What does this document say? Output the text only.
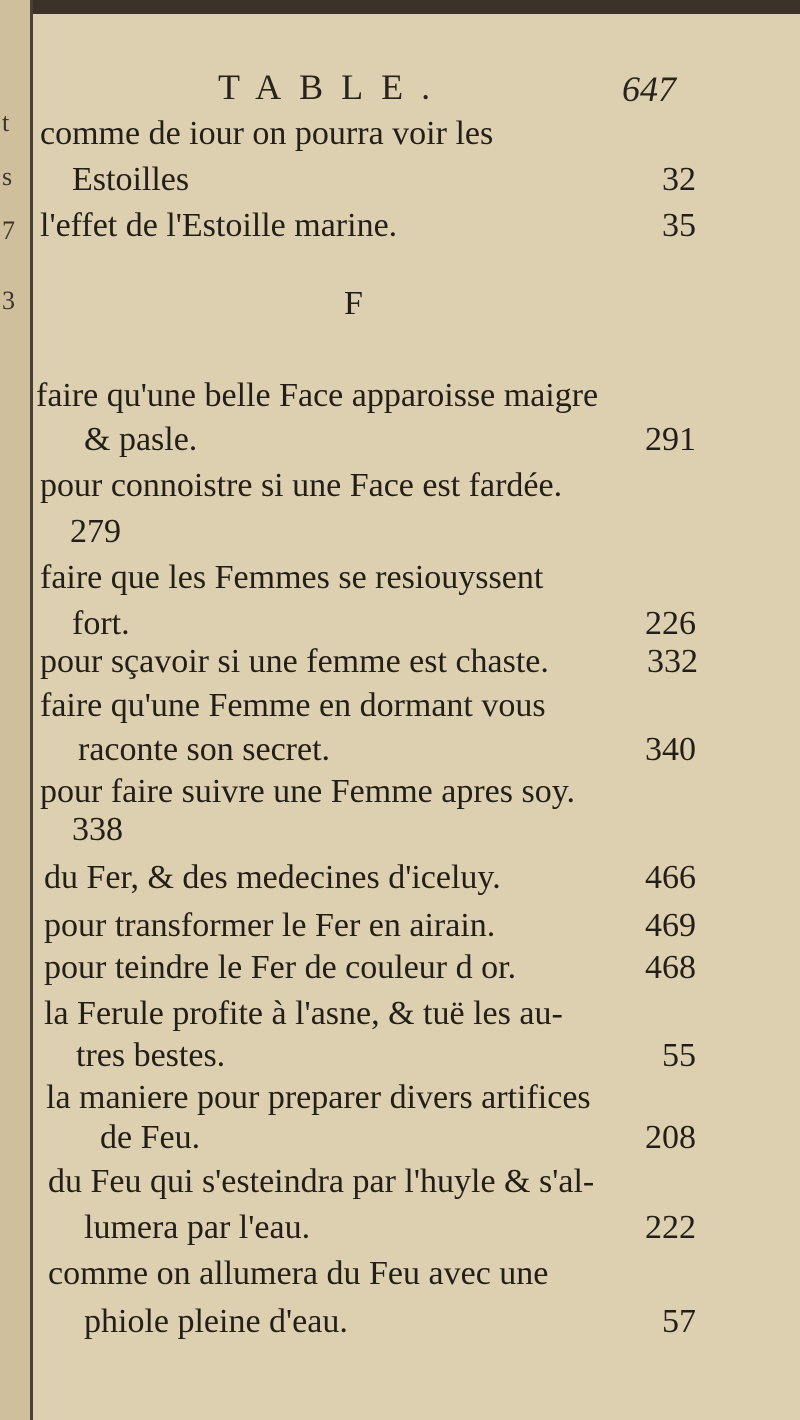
t
s
7
3
TABLE.	647
comme de iour on pourra voir les
Estoilles	32
l'effet de l'Estoille marine.	35
F
faire qu'une belle Face apparoisse maigre
& pasle.	291
pour connoistre si une Face est fardée.
279
faire que les Femmes se resiouyssent
fort.	226
pour sçavoir si une femme est chaste.	332
faire qu'une Femme en dormant vous
raconte son secret.	340
pour faire suivre une Femme apres soy.
338
du Fer, & des medecines d'iceluy.	466
pour transformer le Fer en airain.	469
pour teindre le Fer de couleur d or.	468
la Ferule profite à l'asne, & tuë les au-
tres bestes.	55
la maniere pour preparer divers artifices
de Feu.	208
du Feu qui s'esteindra par l'huyle & s'al-
lumera par l'eau.	222
comme on allumera du Feu avec une
phiole pleine d'eau.	57
